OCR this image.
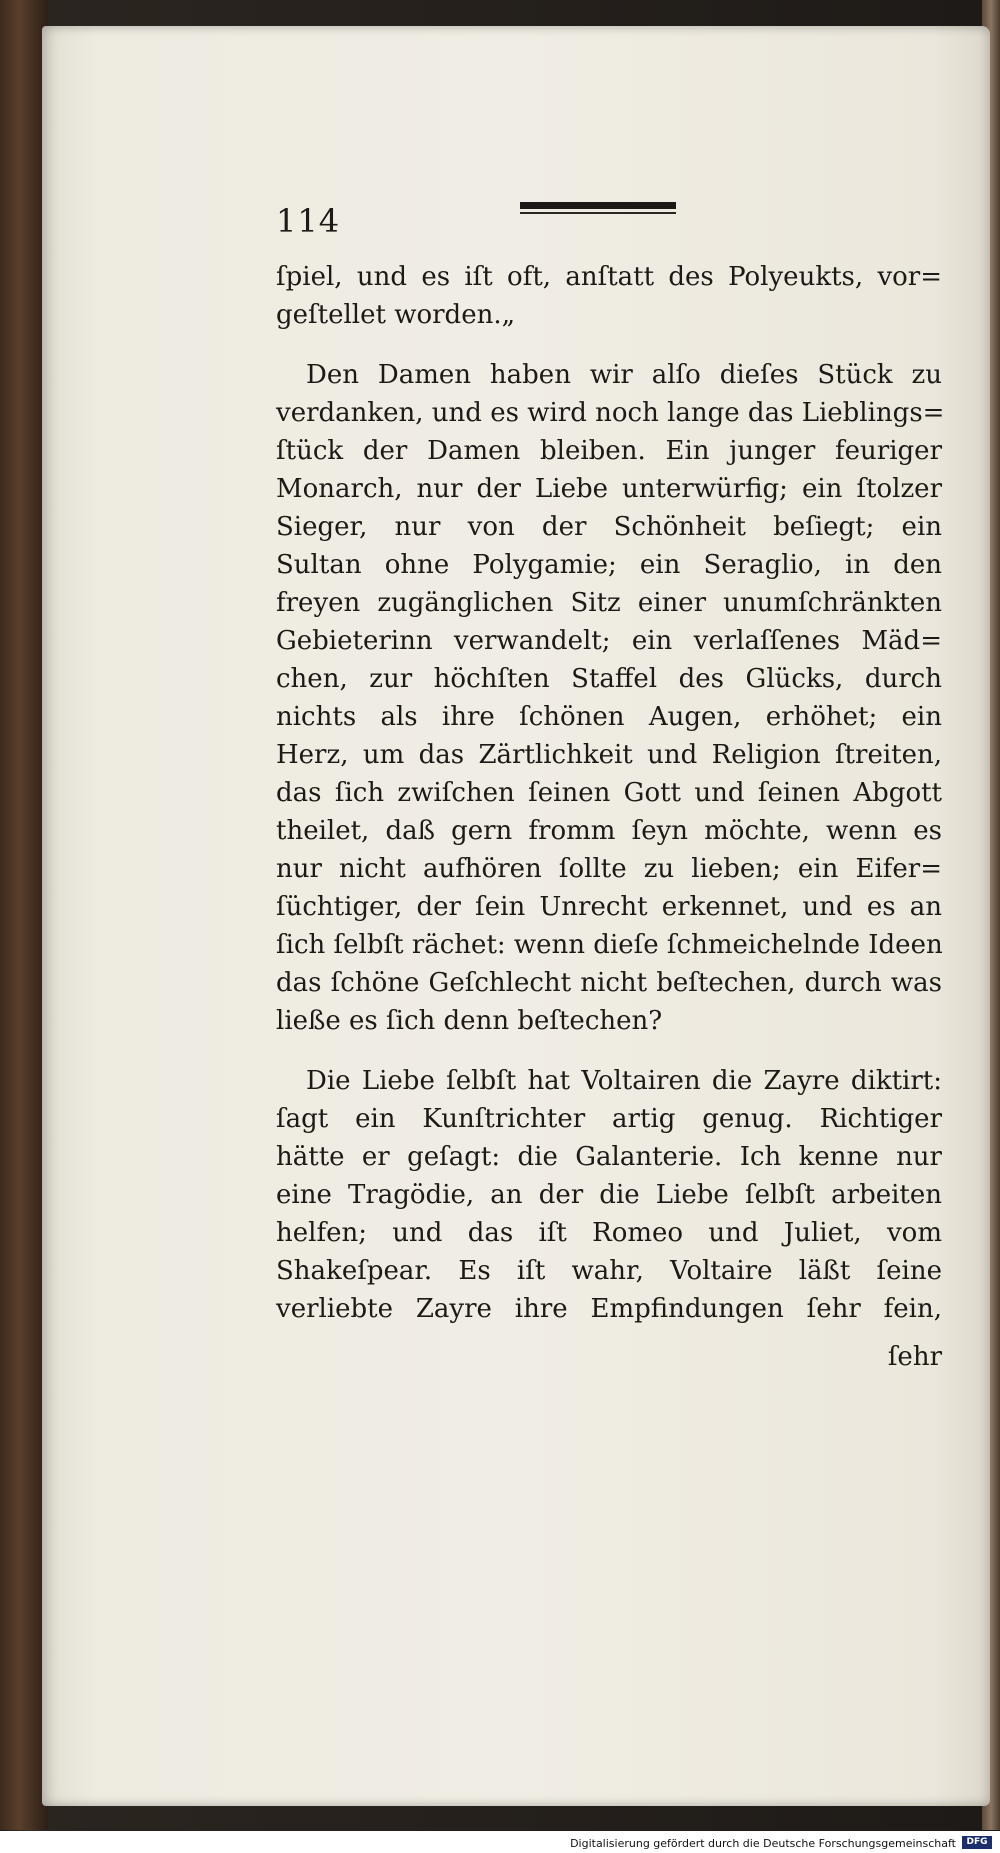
114
ſpiel, und es iſt oft, anſtatt des Polyeukts, vor=
geſtellet worden.„
Den Damen haben wir alſo dieſes Stück zu
verdanken, und es wird noch lange das Lieblings=
ſtück der Damen bleiben. Ein junger feuriger
Monarch, nur der Liebe unterwürfig; ein ſtolzer
Sieger, nur von der Schönheit beſiegt; ein
Sultan ohne Polygamie; ein Seraglio, in den
freyen zugänglichen Sitz einer unumſchränkten
Gebieterinn verwandelt; ein verlaſſenes Mäd=
chen, zur höchſten Staffel des Glücks, durch
nichts als ihre ſchönen Augen, erhöhet; ein
Herz, um das Zärtlichkeit und Religion ſtreiten,
das ſich zwiſchen ſeinen Gott und ſeinen Abgott
theilet, daß gern fromm ſeyn möchte, wenn es
nur nicht aufhören ſollte zu lieben; ein Eifer=
ſüchtiger, der ſein Unrecht erkennet, und es an
ſich ſelbſt rächet: wenn dieſe ſchmeichelnde Ideen
das ſchöne Geſchlecht nicht beſtechen, durch was
ließe es ſich denn beſtechen?
Die Liebe ſelbſt hat Voltairen die Zayre diktirt:
ſagt ein Kunſtrichter artig genug. Richtiger
hätte er geſagt: die Galanterie. Ich kenne nur
eine Tragödie, an der die Liebe ſelbſt arbeiten
helfen; und das iſt Romeo und Juliet, vom
Shakeſpear. Es iſt wahr, Voltaire läßt ſeine
verliebte Zayre ihre Empfindungen ſehr fein,
ſehr
Digitalisierung gefördert durch die Deutsche Forschungsgemeinschaft	DFG
